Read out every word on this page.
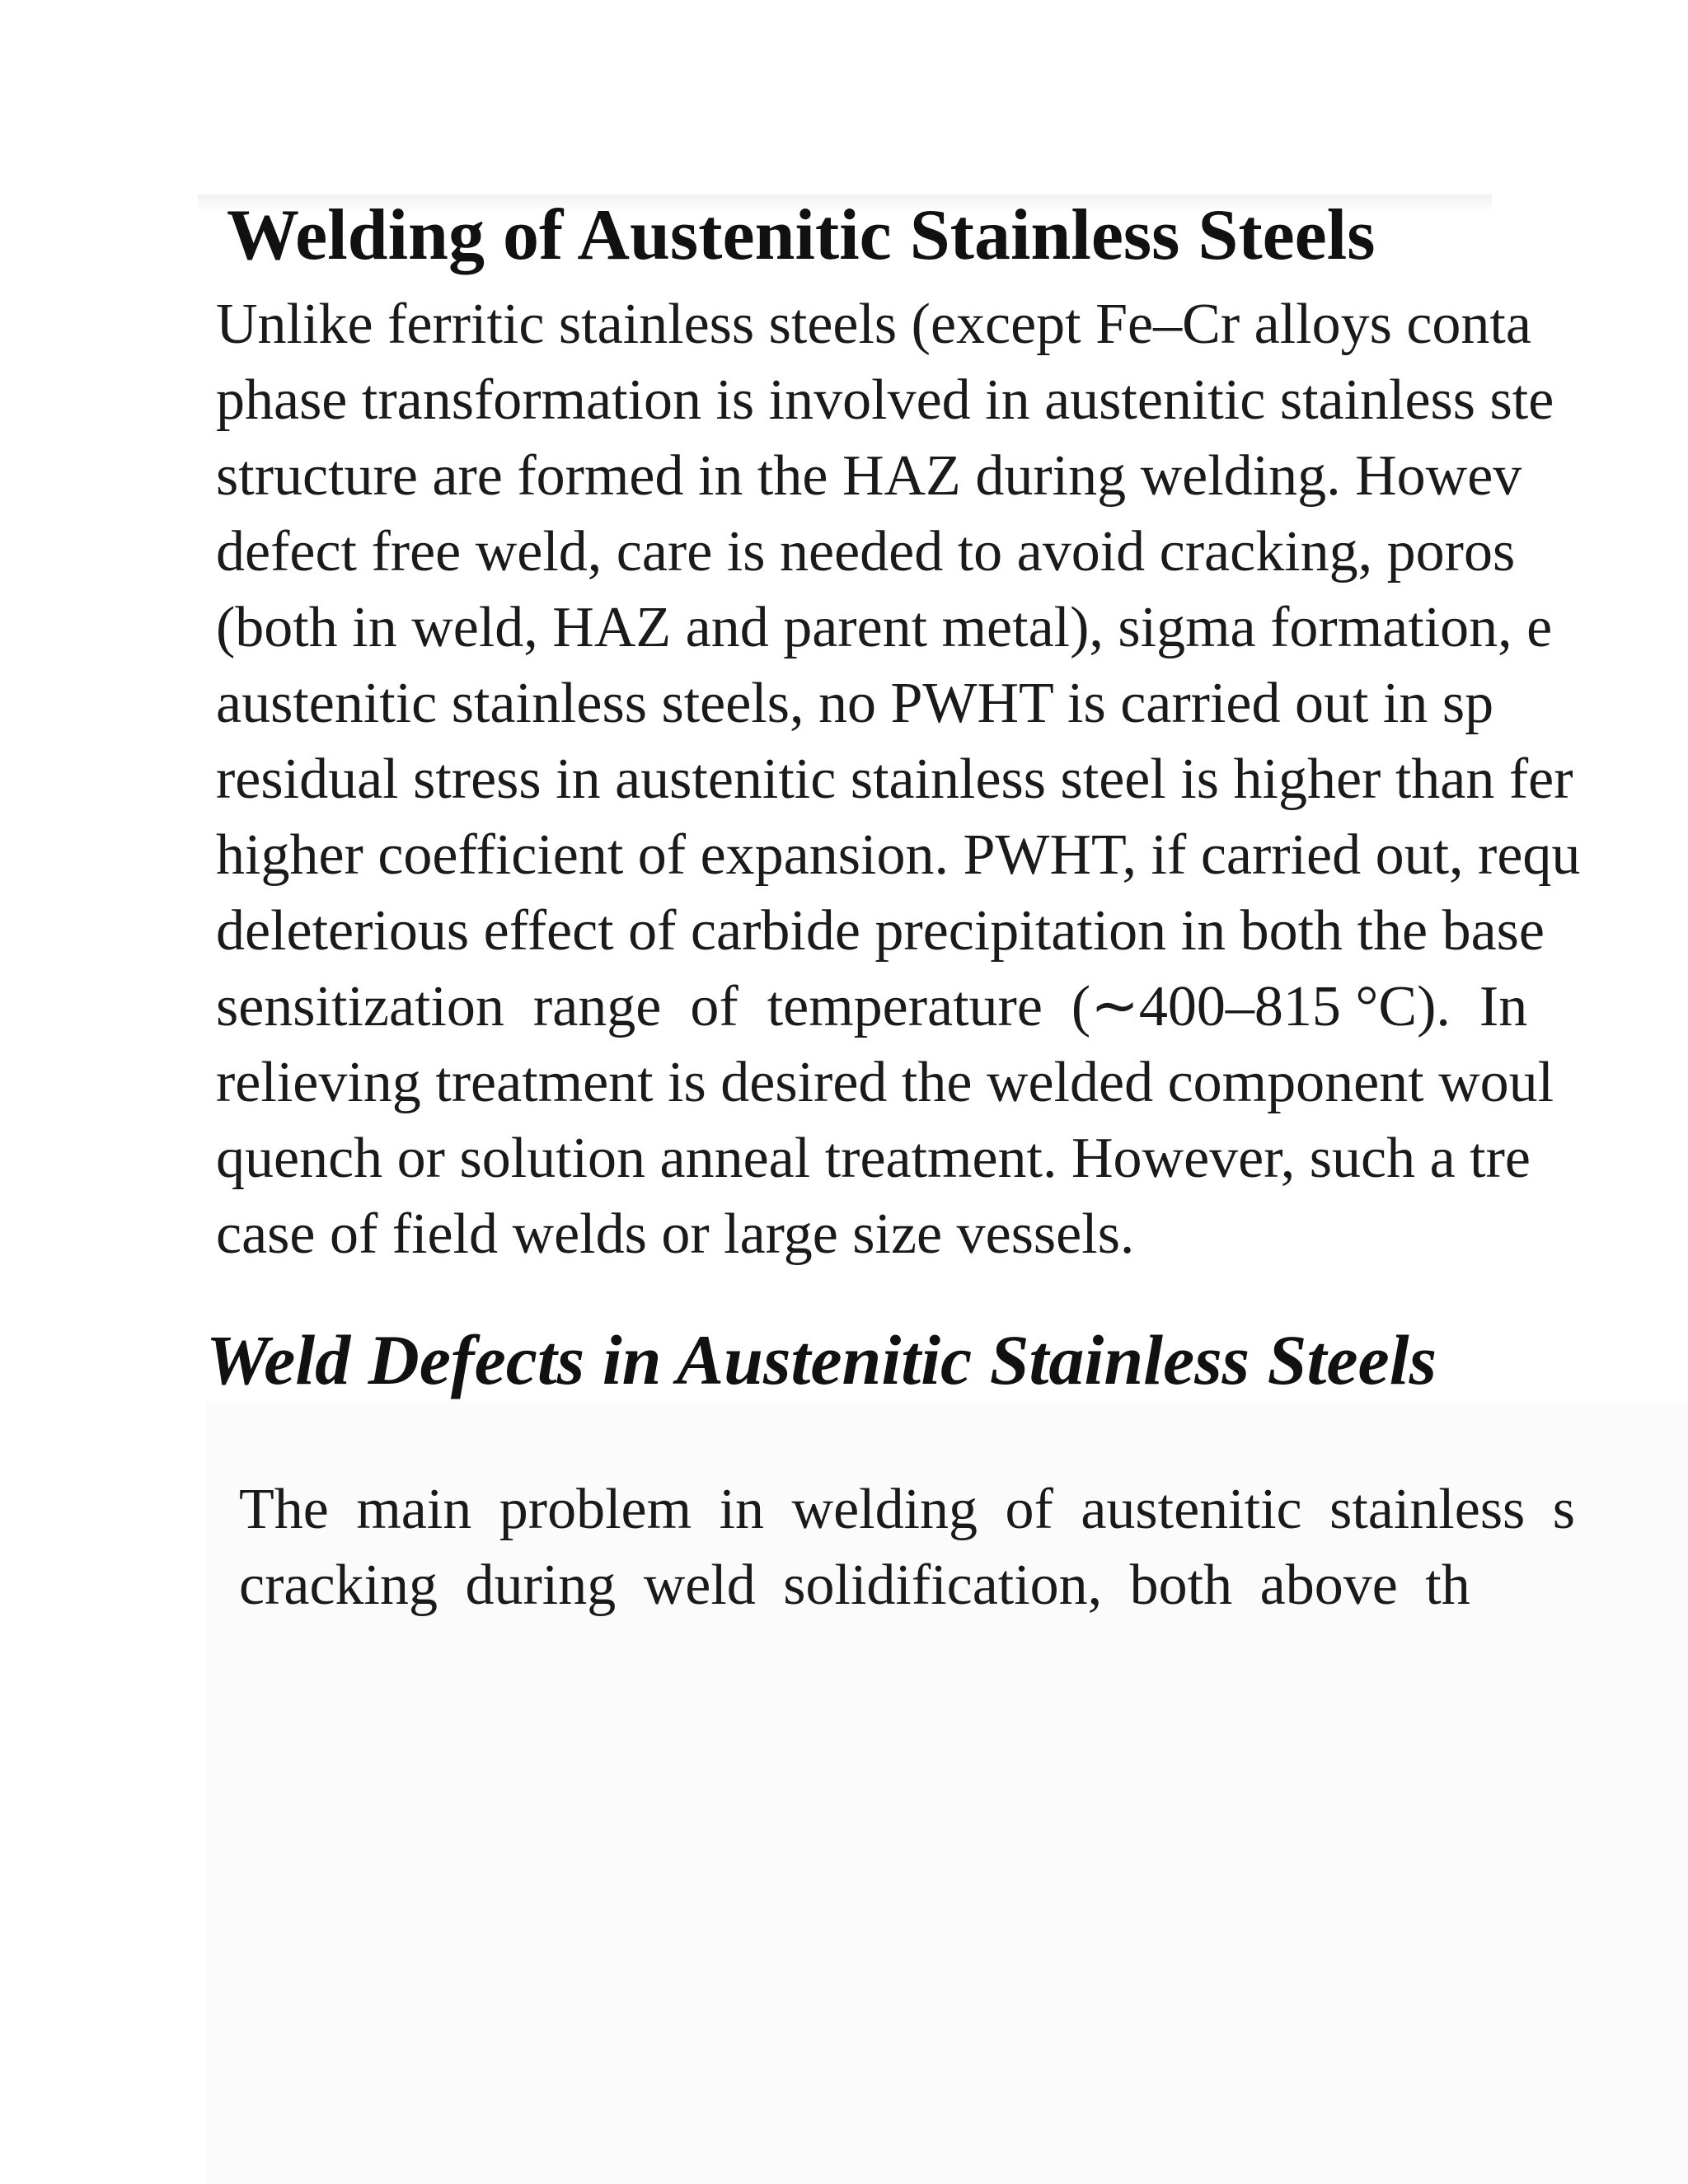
Welding of Austenitic Stainless Steels

Unlike ferritic stainless steels (except Fe–Cr alloys conta
phase transformation is involved in austenitic stainless ste
structure are formed in the HAZ during welding. Howev
defect free weld, care is needed to avoid cracking, poros
(both in weld, HAZ and parent metal), sigma formation, e
austenitic stainless steels, no PWHT is carried out in sp
residual stress in austenitic stainless steel is higher than fer
higher coefficient of expansion. PWHT, if carried out, requ
deleterious effect of carbide precipitation in both the base
sensitization  range  of  temperature  (∼400–815 °C).  In
relieving treatment is desired the welded component woul
quench or solution anneal treatment. However, such a tre
case of field welds or large size vessels.

Weld Defects in Austenitic Stainless Steels

The main problem in welding of austenitic stainless s
cracking during weld solidification, both above th
